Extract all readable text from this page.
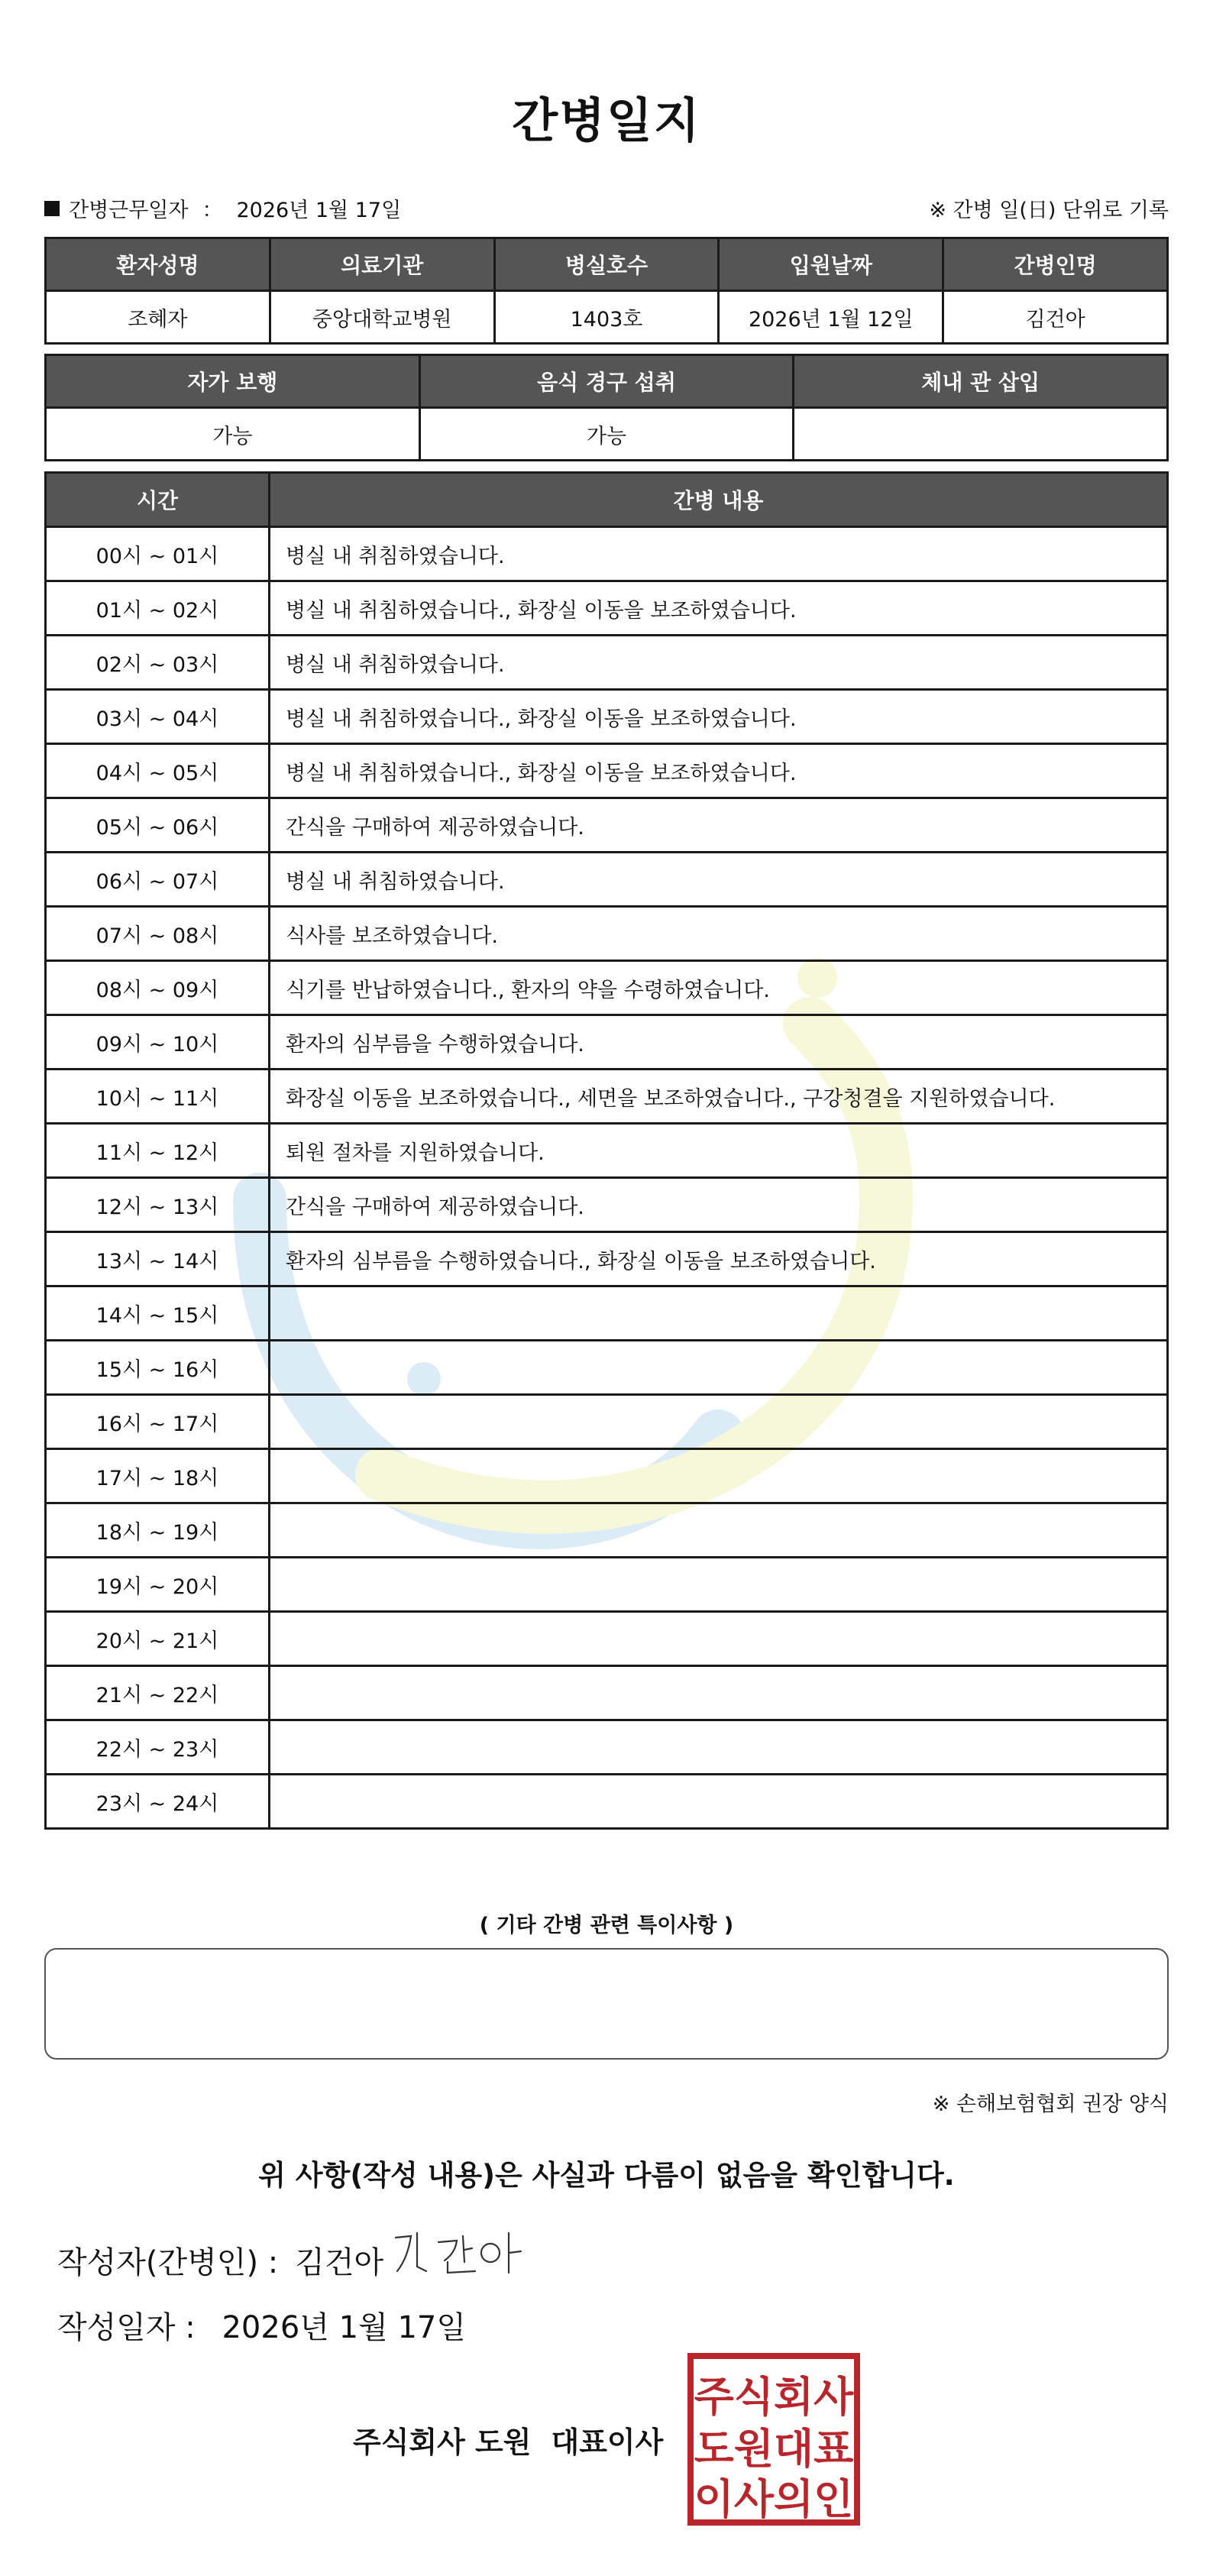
간병일지
간병근무일자 ： 2026년 1월 17일	※ 간병 일(日) 단위로 기록
환자성명	의료기관	병실호수	입원날짜	간병인명
조혜자	중앙대학교병원	1403호	2026년 1월 12일	김건아
자가 보행	음식 경구 섭취	체내 관 삽입
가능	가능	
시간	간병 내용
00시 ~ 01시	병실 내 취침하였습니다.
01시 ~ 02시	병실 내 취침하였습니다., 화장실 이동을 보조하였습니다.
02시 ~ 03시	병실 내 취침하였습니다.
03시 ~ 04시	병실 내 취침하였습니다., 화장실 이동을 보조하였습니다.
04시 ~ 05시	병실 내 취침하였습니다., 화장실 이동을 보조하였습니다.
05시 ~ 06시	간식을 구매하여 제공하였습니다.
06시 ~ 07시	병실 내 취침하였습니다.
07시 ~ 08시	식사를 보조하였습니다.
08시 ~ 09시	식기를 반납하였습니다., 환자의 약을 수령하였습니다.
09시 ~ 10시	환자의 심부름을 수행하였습니다.
10시 ~ 11시	화장실 이동을 보조하였습니다., 세면을 보조하였습니다., 구강청결을 지원하였습니다.
11시 ~ 12시	퇴원 절차를 지원하였습니다.
12시 ~ 13시	간식을 구매하여 제공하였습니다.
13시 ~ 14시	환자의 심부름을 수행하였습니다., 화장실 이동을 보조하였습니다.
14시 ~ 15시	
15시 ~ 16시	
16시 ~ 17시	
17시 ~ 18시	
18시 ~ 19시	
19시 ~ 20시	
20시 ~ 21시	
21시 ~ 22시	
22시 ~ 23시	
23시 ~ 24시	
( 기타 간병 관련 특이사항 )
※ 손해보험협회 권장 양식
위 사항(작성 내용)은 사실과 다름이 없음을 확인합니다.
작성자(간병인) : 김건아
작성일자 : 2026년 1월 17일
주식회사 도원 대표이사
주식회사
도원대표
이사의인
